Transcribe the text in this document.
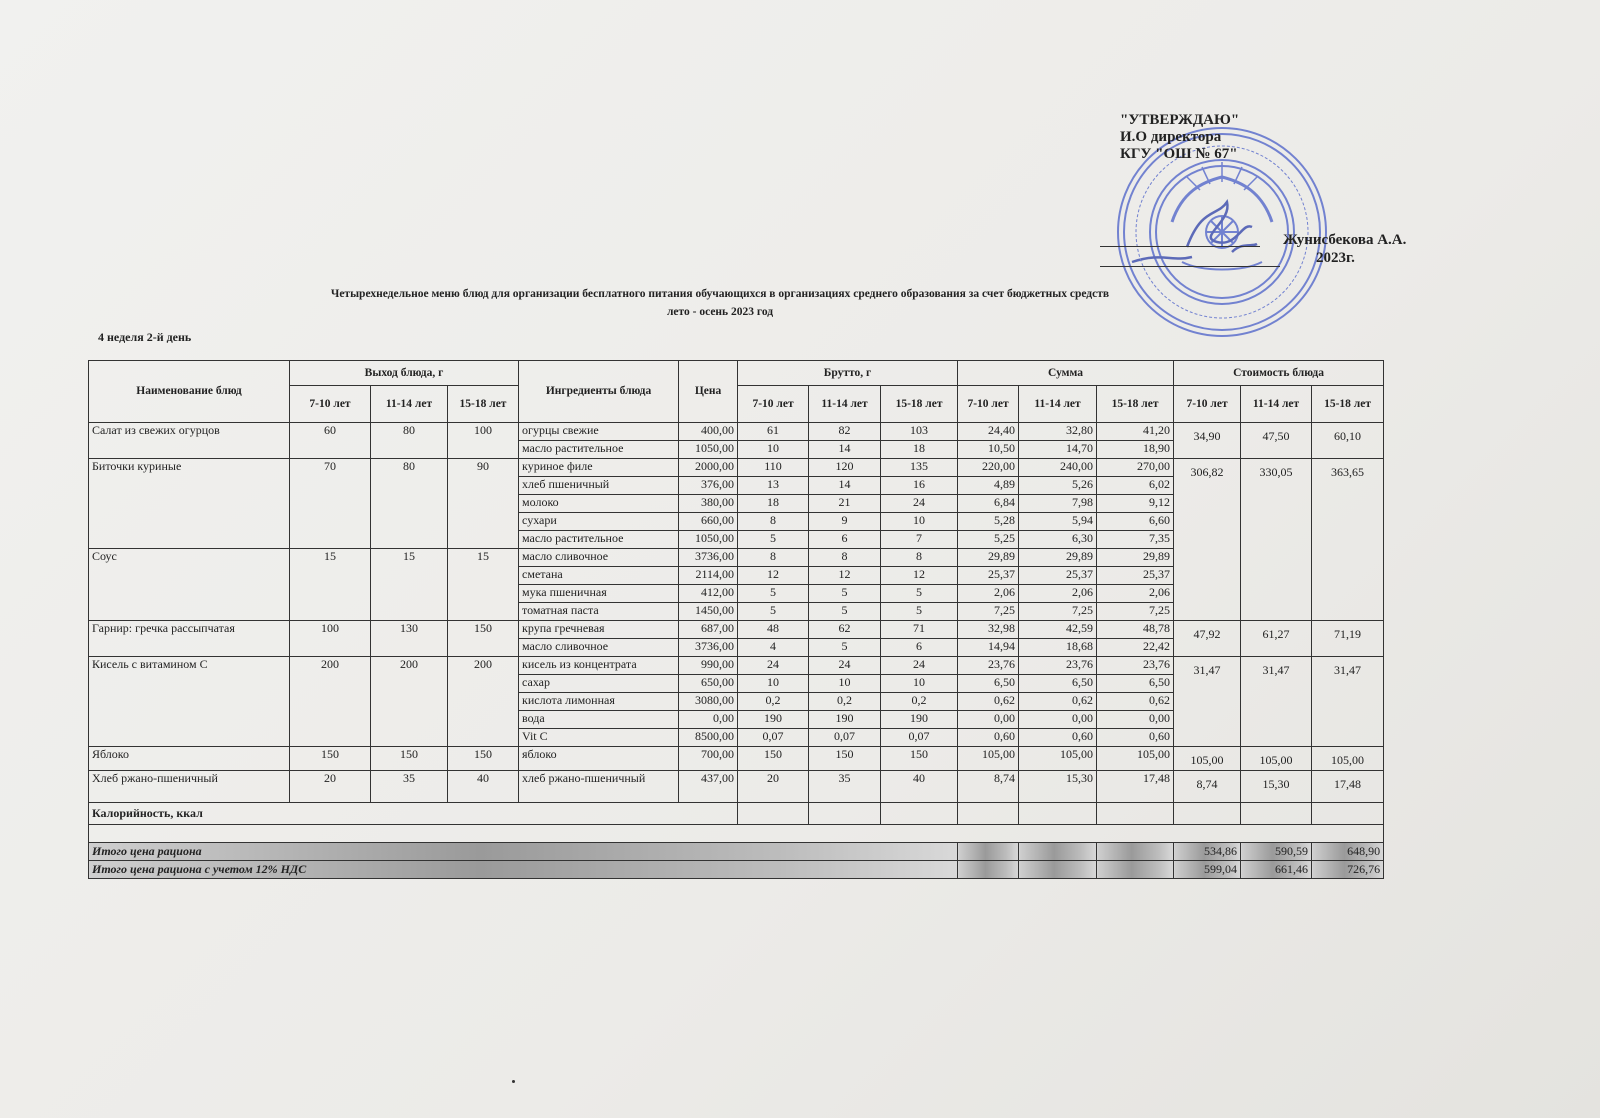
"УТВЕРЖДАЮ"
И.О директора
КГУ "ОШ № 67"
Жунисбекова А.А.
2023г.
Четырехнедельное меню блюд для организации бесплатного питания обучающихся в организациях среднего образования за счет бюджетных средств
лето - осень 2023 год
4 неделя 2-й день
Наименование блюд	Выход блюда, г			Ингредиенты блюда	Цена	Брутто, г			Сумма			Стоимость блюда		
	7-10 лет	11-14 лет	15-18 лет			7-10 лет	11-14 лет	15-18 лет	7-10 лет	11-14 лет	15-18 лет	7-10 лет	11-14 лет	15-18 лет
Салат из свежих огурцов	60	80	100	огурцы свежие	400,00	61	82	103	24,40	32,80	41,20	34,90	47,50	60,10
				масло растительное	1050,00	10	14	18	10,50	14,70	18,90			
Биточки куриные	70	80	90	куриное филе	2000,00	110	120	135	220,00	240,00	270,00	306,82	330,05	363,65
				хлеб пшеничный	376,00	13	14	16	4,89	5,26	6,02			
				молоко	380,00	18	21	24	6,84	7,98	9,12			
				сухари	660,00	8	9	10	5,28	5,94	6,60			
				масло растительное	1050,00	5	6	7	5,25	6,30	7,35			
Соус	15	15	15	масло сливочное	3736,00	8	8	8	29,89	29,89	29,89			
				сметана	2114,00	12	12	12	25,37	25,37	25,37			
				мука пшеничная	412,00	5	5	5	2,06	2,06	2,06			
				томатная паста	1450,00	5	5	5	7,25	7,25	7,25			
Гарнир: гречка рассыпчатая	100	130	150	крупа гречневая	687,00	48	62	71	32,98	42,59	48,78	47,92	61,27	71,19
				масло сливочное	3736,00	4	5	6	14,94	18,68	22,42			
Кисель с витамином С	200	200	200	кисель из концентрата	990,00	24	24	24	23,76	23,76	23,76	31,47	31,47	31,47
				сахар	650,00	10	10	10	6,50	6,50	6,50			
				кислота лимонная	3080,00	0,2	0,2	0,2	0,62	0,62	0,62			
				вода	0,00	190	190	190	0,00	0,00	0,00			
				Vit C	8500,00	0,07	0,07	0,07	0,60	0,60	0,60			
Яблоко	150	150	150	яблоко	700,00	150	150	150	105,00	105,00	105,00	105,00	105,00	105,00
Хлеб ржано-пшеничный	20	35	40	хлеб ржано-пшеничный	437,00	20	35	40	8,74	15,30	17,48	8,74	15,30	17,48
Калорийность, ккал														

Итого цена рациона												534,86	590,59	648,90
Итого цена рациона с учетом 12% НДС												599,04	661,46	726,76
